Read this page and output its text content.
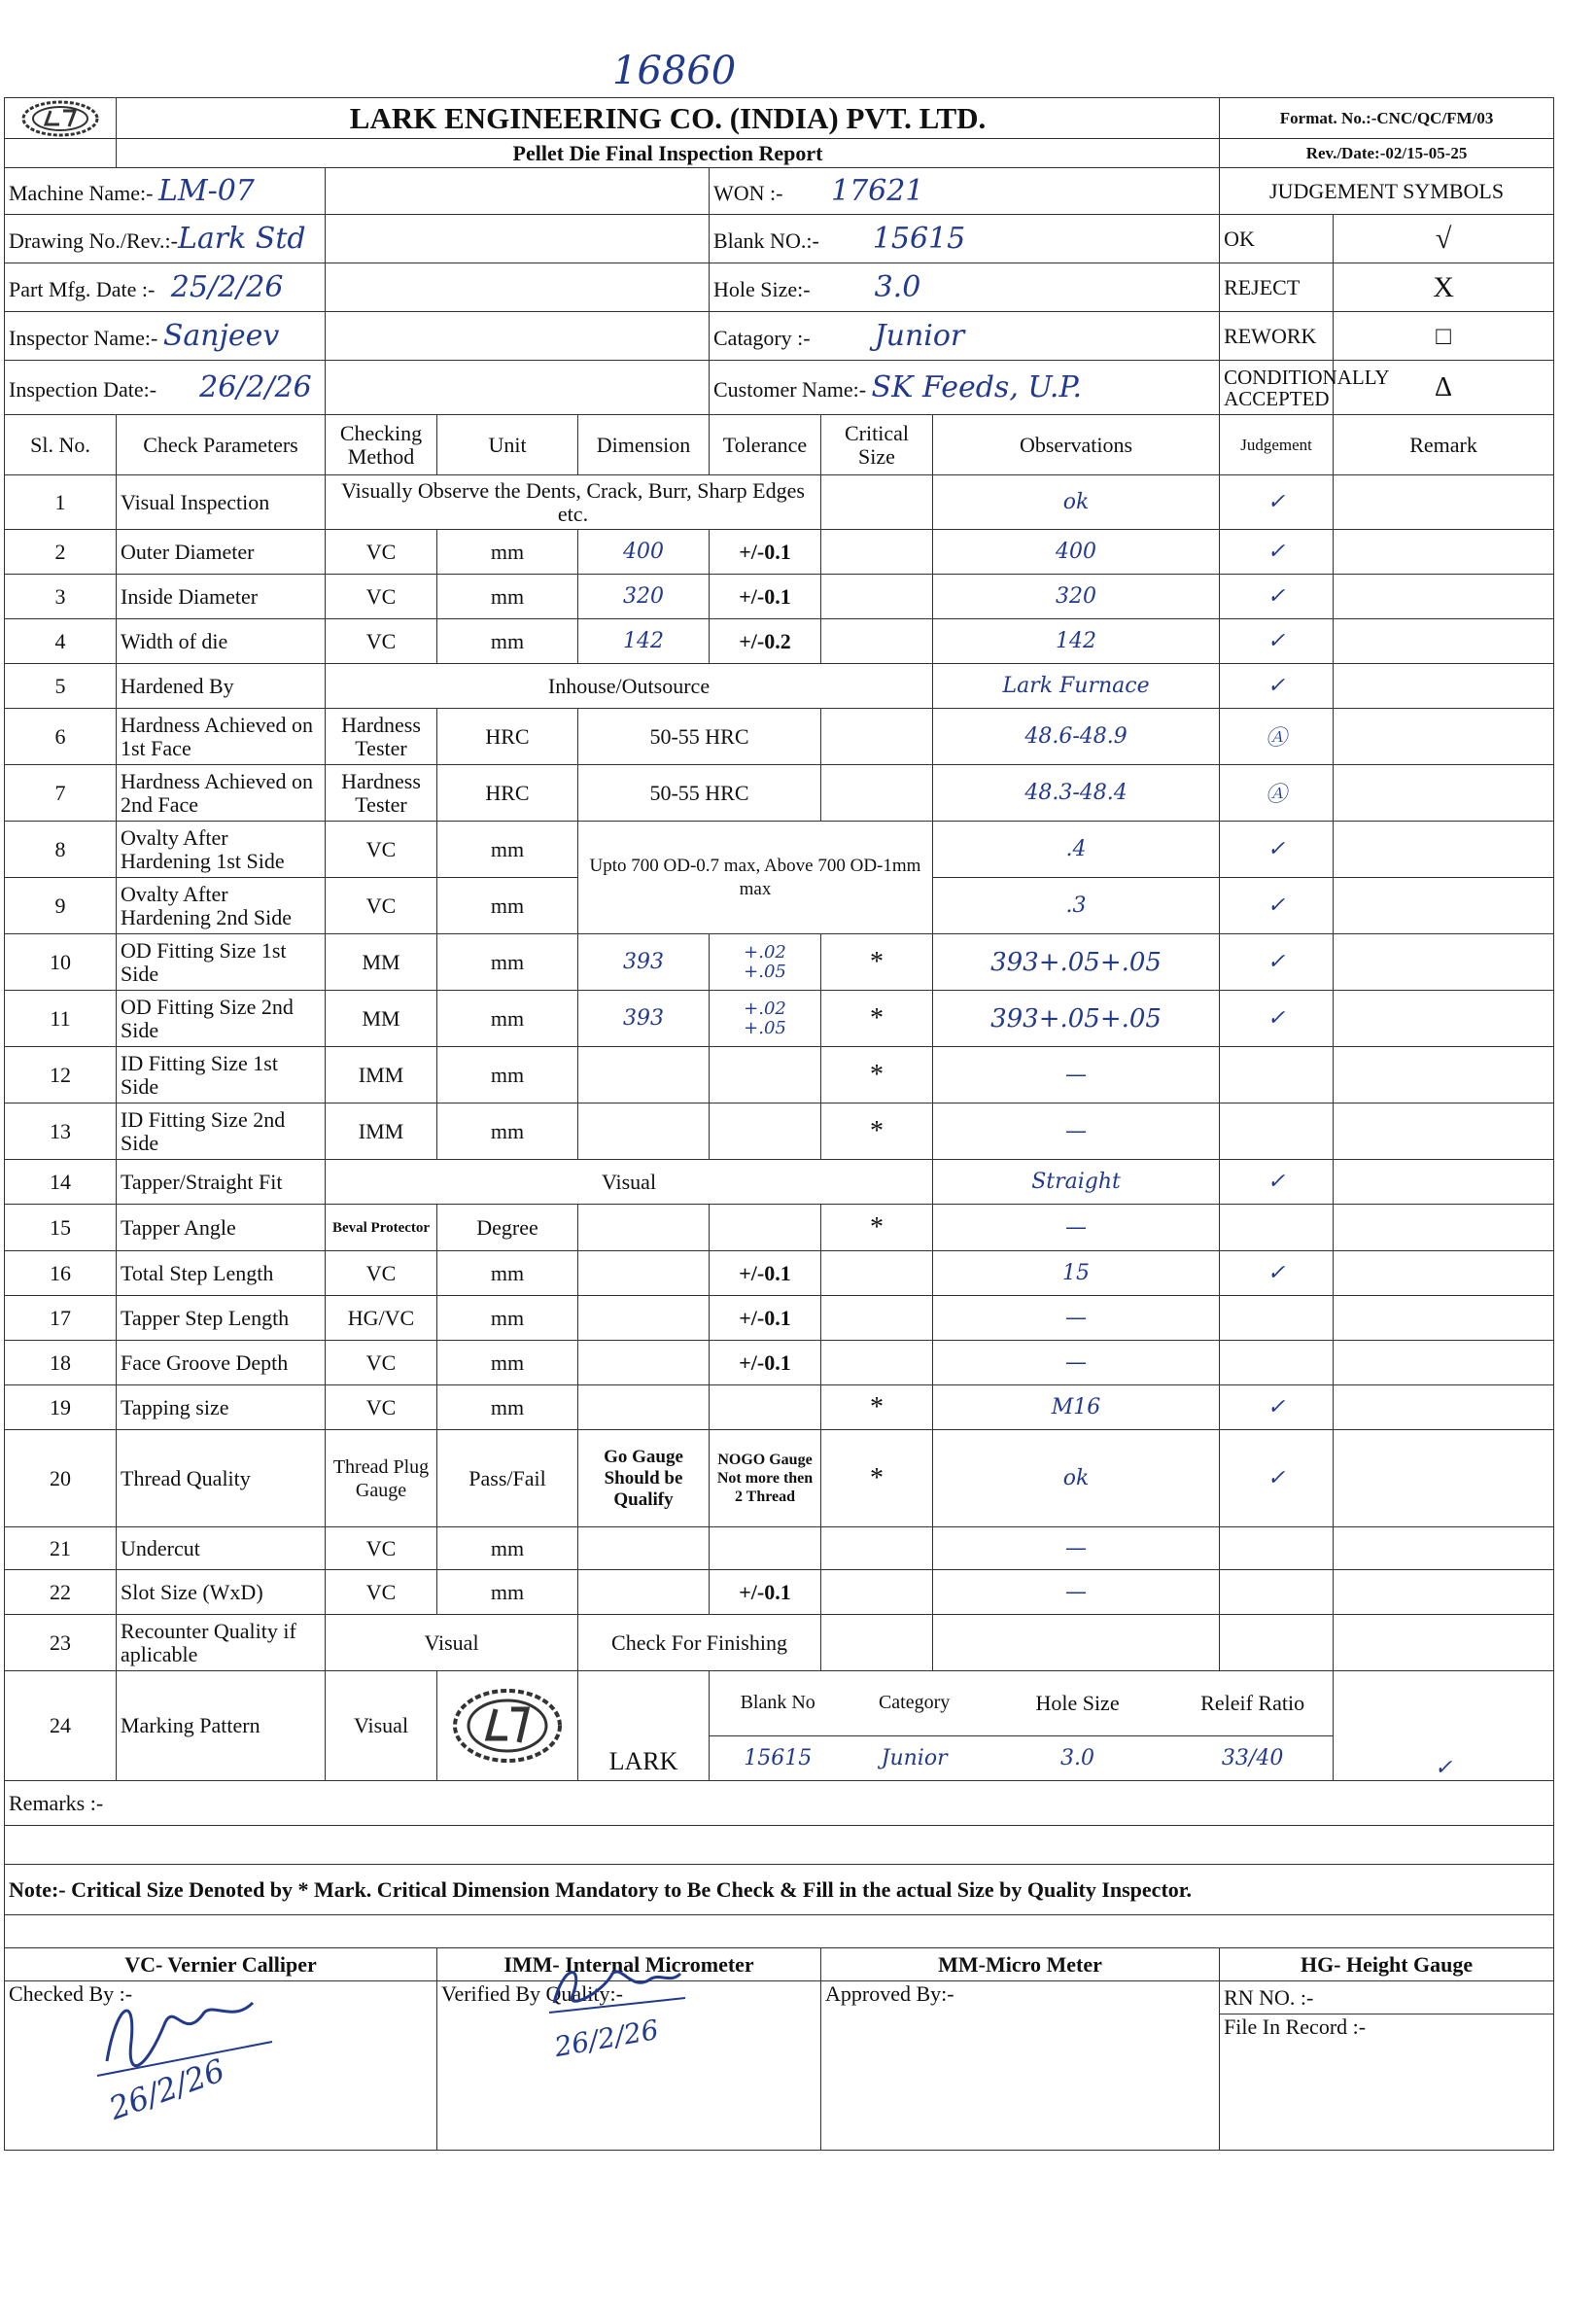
16860
	LARK ENGINEERING CO. (INDIA) PVT. LTD.	Format. No.:-CNC/QC/FM/03
	Pellet Die Final Inspection Report	Rev./Date:-02/15-05-25
Machine Name:- LM-07		WON :- 17621	JUDGEMENT SYMBOLS
Drawing No./Rev.:-Lark Std		Blank NO.:- 15615	OK	√
Part Mfg. Date :- 25/2/26		Hole Size:- 3.0	REJECT	X
Inspector Name:- Sanjeev		Catagory :- Junior	REWORK	□
Inspection Date:- 26/2/26		Customer Name:- SK Feeds, U.P.	CONDITIONALLY ACCEPTED	Δ
Sl. No.	Check Parameters	Checking Method	Unit	Dimension	Tolerance	Critical Size	Observations	Judgement	Remark
1	Visual Inspection	Visually Observe the Dents, Crack, Burr, Sharp Edges etc.		ok	✓	
2	Outer Diameter	VC	mm	400	+/-0.1		400	✓	
3	Inside Diameter	VC	mm	320	+/-0.1		320	✓	
4	Width of die	VC	mm	142	+/-0.2		142	✓	
5	Hardened By	Inhouse/Outsource	Lark Furnace	✓	
6	Hardness Achieved on 1st Face	Hardness Tester	HRC	50-55 HRC		48.6-48.9	Ⓐ	
7	Hardness Achieved on 2nd Face	Hardness Tester	HRC	50-55 HRC		48.3-48.4	Ⓐ	
8	Ovalty After Hardening 1st Side	VC	mm	Upto 700 OD-0.7 max, Above 700 OD-1mm max	.4	✓	
9	Ovalty After Hardening 2nd Side	VC	mm	.3	✓	
10	OD Fitting Size 1st Side	MM	mm	393	+.02
+.05	*	393+.05+.05	✓	
11	OD Fitting Size 2nd Side	MM	mm	393	+.02
+.05	*	393+.05+.05	✓	
12	ID Fitting Size 1st Side	IMM	mm			*	—		
13	ID Fitting Size 2nd Side	IMM	mm			*	—		
14	Tapper/Straight Fit	Visual	Straight	✓	
15	Tapper Angle	Beval Protector	Degree			*	—		
16	Total Step Length	VC	mm		+/-0.1		15	✓	
17	Tapper Step Length	HG/VC	mm		+/-0.1		—		
18	Face Groove Depth	VC	mm		+/-0.1		—		
19	Tapping size	VC	mm			*	M16	✓	
20	Thread Quality	Thread Plug Gauge	Pass/Fail	Go Gauge Should be Qualify	NOGO Gauge Not more then 2 Thread	*	ok	✓	
21	Undercut	VC	mm				—		
22	Slot Size (WxD)	VC	mm		+/-0.1		—		
23	Recounter Quality if aplicable	Visual	Check For Finishing				
24	Marking Pattern	Visual	
	LARK	
Blank No	Category	Hole Size	Releif Ratio
15615	Junior	3.0	33/40
		✓	
Remarks :-

Note:- Critical Size Denoted by * Mark. Critical Dimension Mandatory to Be Check & Fill in the actual Size by Quality Inspector.

VC- Vernier Calliper	IMM- Internal Micrometer	MM-Micro Meter	HG- Height Gauge
Checked By :-	Verified By Quality:-	Approved By:-	RN NO. :-
File In Record :-
26/2/26
26/2/26
